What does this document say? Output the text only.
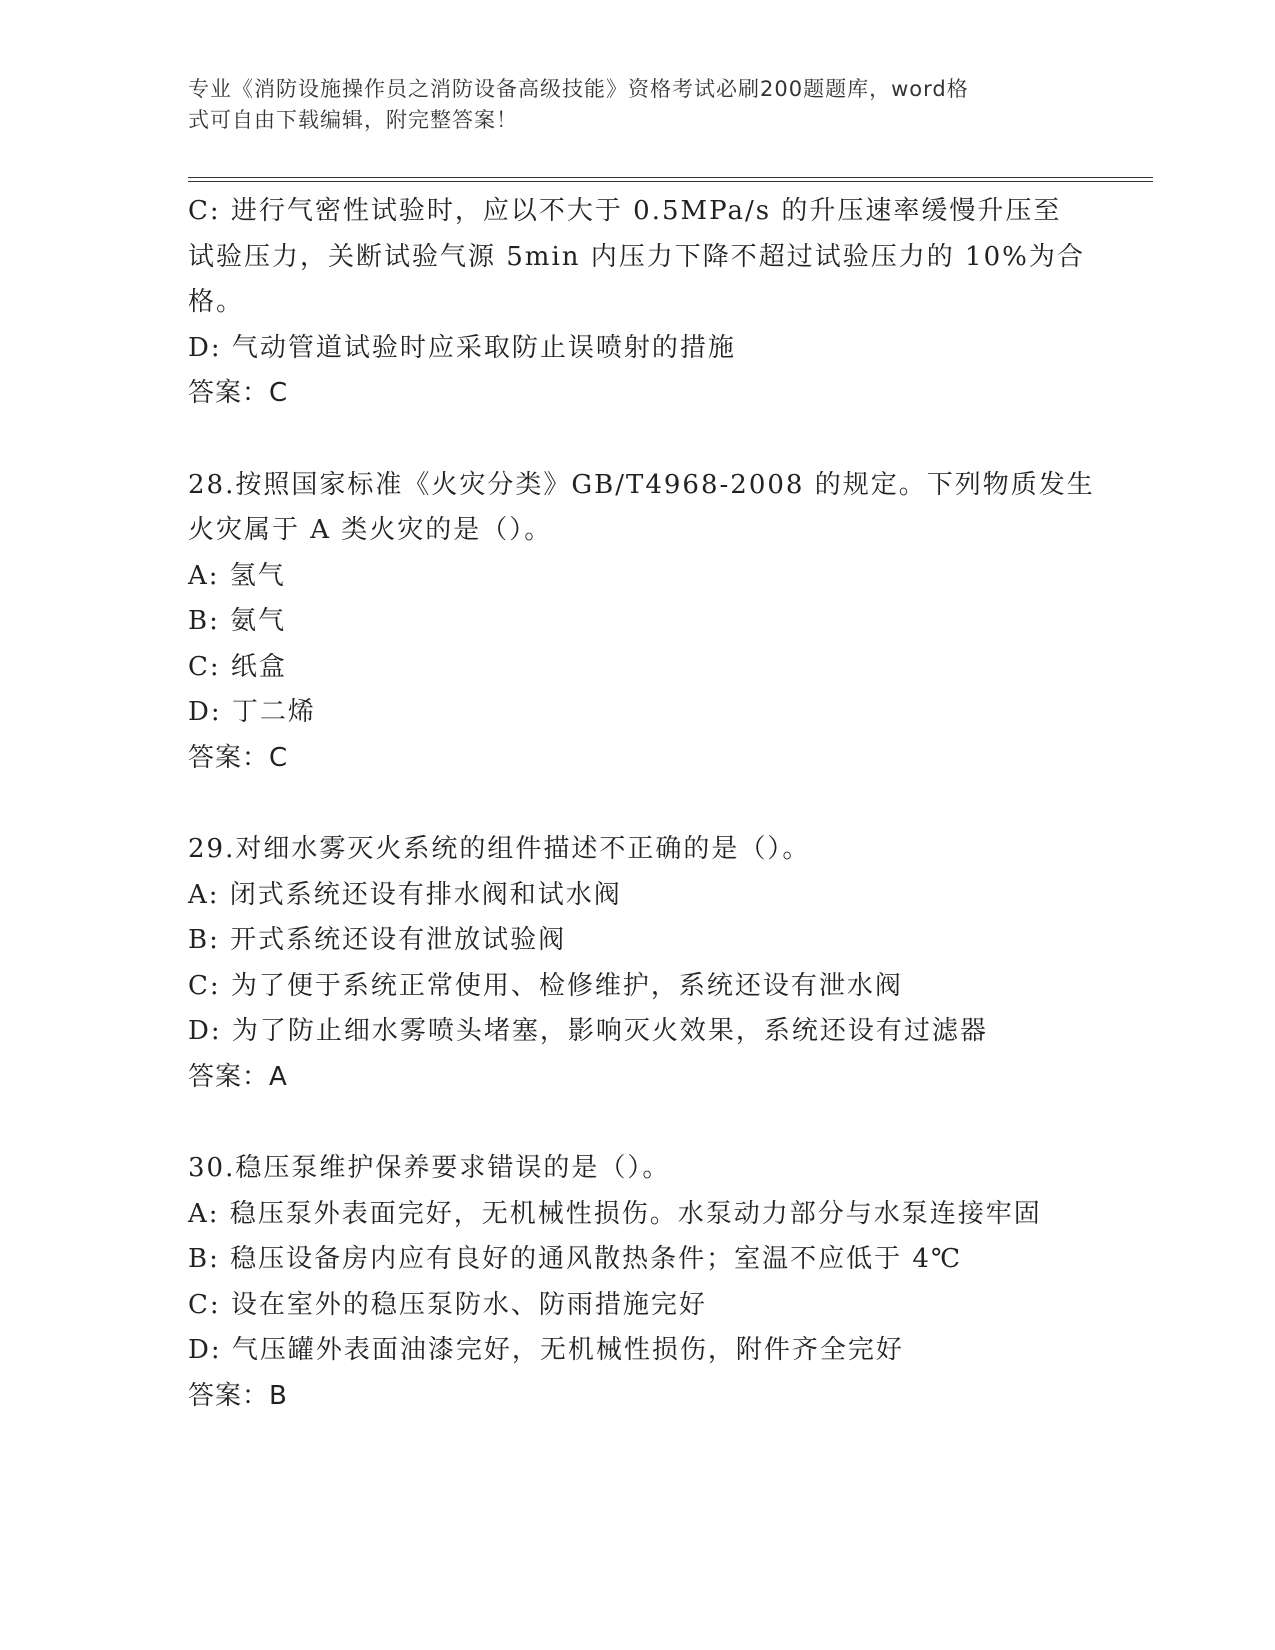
专业《消防设施操作员之消防设备高级技能》资格考试必刷200题题库，word格
式可自由下载编辑，附完整答案！
C: 进行气密性试验时，应以不大于 0.5MPa/s 的升压速率缓慢升压至
试验压力，关断试验气源 5min 内压力下降不超过试验压力的 10%为合
格。
D: 气动管道试验时应采取防止误喷射的措施
答案：C
28.按照国家标准《火灾分类》GB/T4968-2008 的规定。下列物质发生
火灾属于 A 类火灾的是（）。
A: 氢气
B: 氨气
C: 纸盒
D: 丁二烯
答案：C
29.对细水雾灭火系统的组件描述不正确的是（）。
A: 闭式系统还设有排水阀和试水阀
B: 开式系统还设有泄放试验阀
C: 为了便于系统正常使用、检修维护，系统还设有泄水阀
D: 为了防止细水雾喷头堵塞，影响灭火效果，系统还设有过滤器
答案：A
30.稳压泵维护保养要求错误的是（）。
A: 稳压泵外表面完好，无机械性损伤。水泵动力部分与水泵连接牢固
B: 稳压设备房内应有良好的通风散热条件；室温不应低于 4℃
C: 设在室外的稳压泵防水、防雨措施完好
D: 气压罐外表面油漆完好，无机械性损伤，附件齐全完好
答案：B
